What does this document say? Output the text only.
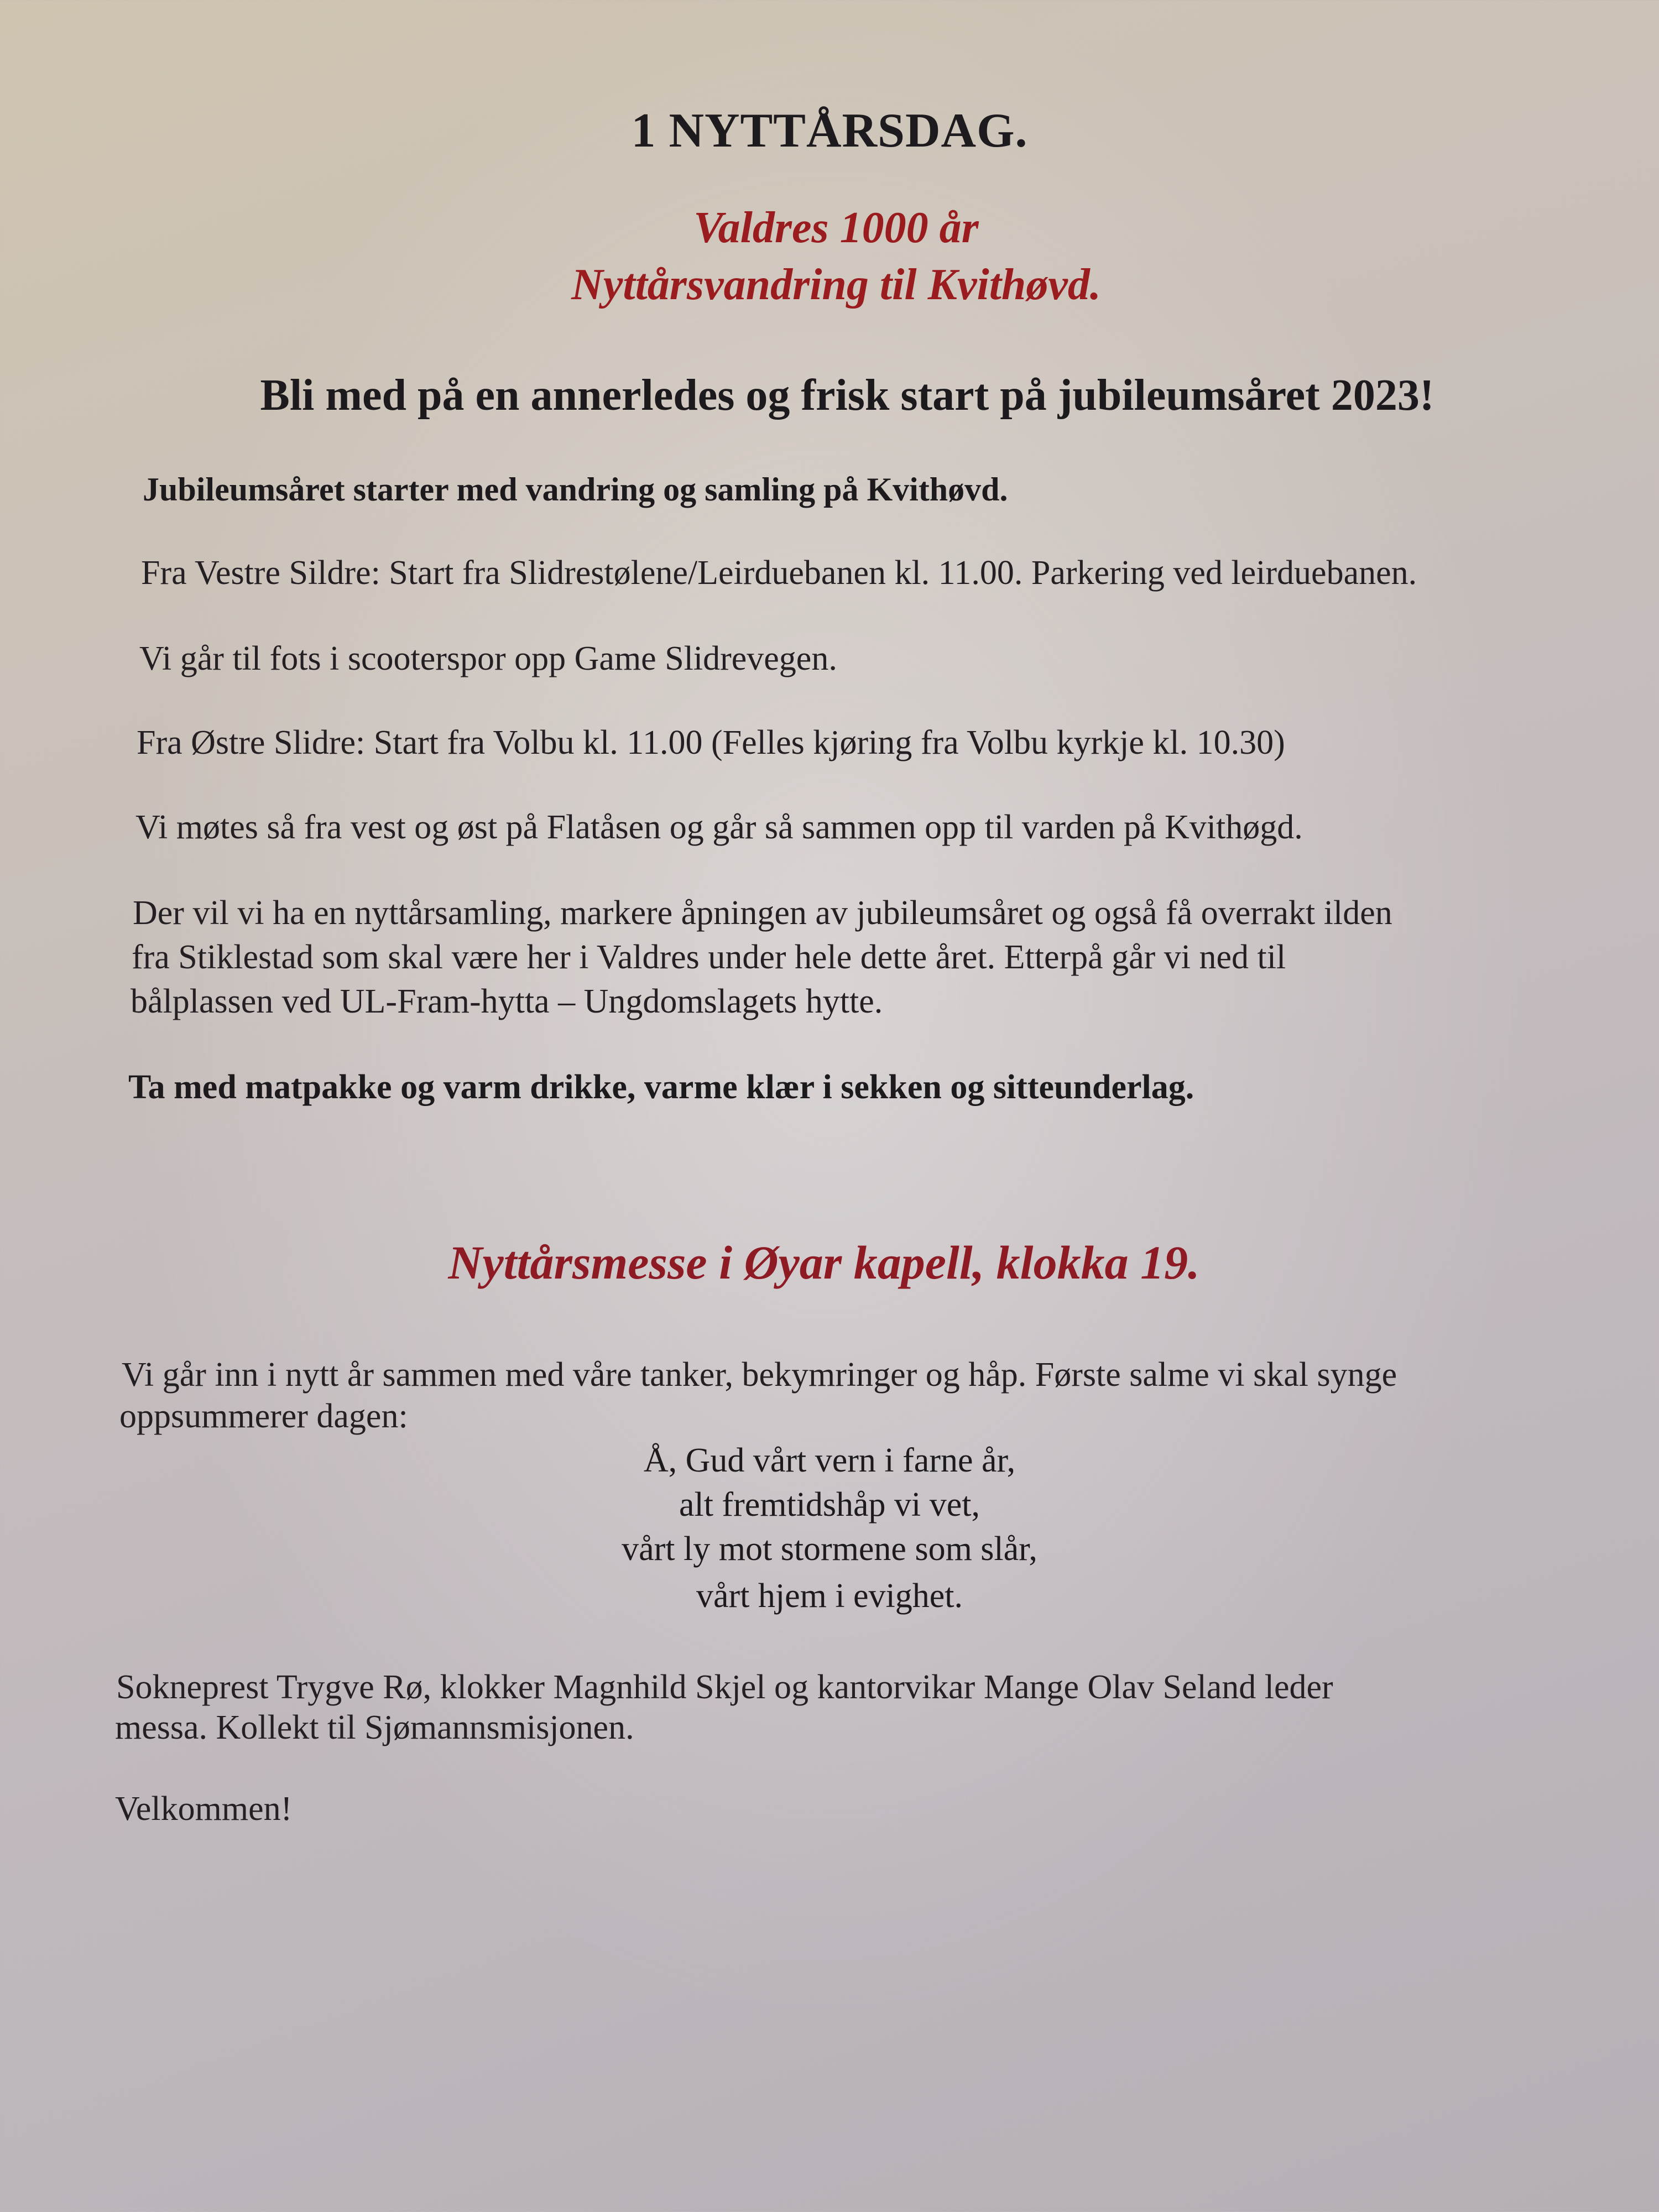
1 NYTTÅRSDAG.
Valdres 1000 år
Nyttårsvandring til Kvithøvd.
Bli med på en annerledes og frisk start på jubileumsåret 2023!
Jubileumsåret starter med vandring og samling på Kvithøvd.
Fra Vestre Sildre: Start fra Slidrestølene/Leirduebanen kl. 11.00. Parkering ved leirduebanen.
Vi går til fots i scooterspor opp Game Slidrevegen.
Fra Østre Slidre: Start fra Volbu kl. 11.00 (Felles kjøring fra Volbu kyrkje kl. 10.30)
Vi møtes så fra vest og øst på Flatåsen og går så sammen opp til varden på Kvithøgd.
Der vil vi ha en nyttårsamling, markere åpningen av jubileumsåret og også få overrakt ilden
fra Stiklestad som skal være her i Valdres under hele dette året. Etterpå går vi ned til
bålplassen ved UL-Fram-hytta – Ungdomslagets hytte.
Ta med matpakke og varm drikke, varme klær i sekken og sitteunderlag.
Nyttårsmesse i Øyar kapell, klokka 19.
Vi går inn i nytt år sammen med våre tanker, bekymringer og håp. Første salme vi skal synge
oppsummerer dagen:
Å, Gud vårt vern i farne år,
alt fremtidshåp vi vet,
vårt ly mot stormene som slår,
vårt hjem i evighet.
Sokneprest Trygve Rø, klokker Magnhild Skjel og kantorvikar Mange Olav Seland leder
messa. Kollekt til Sjømannsmisjonen.
Velkommen!
